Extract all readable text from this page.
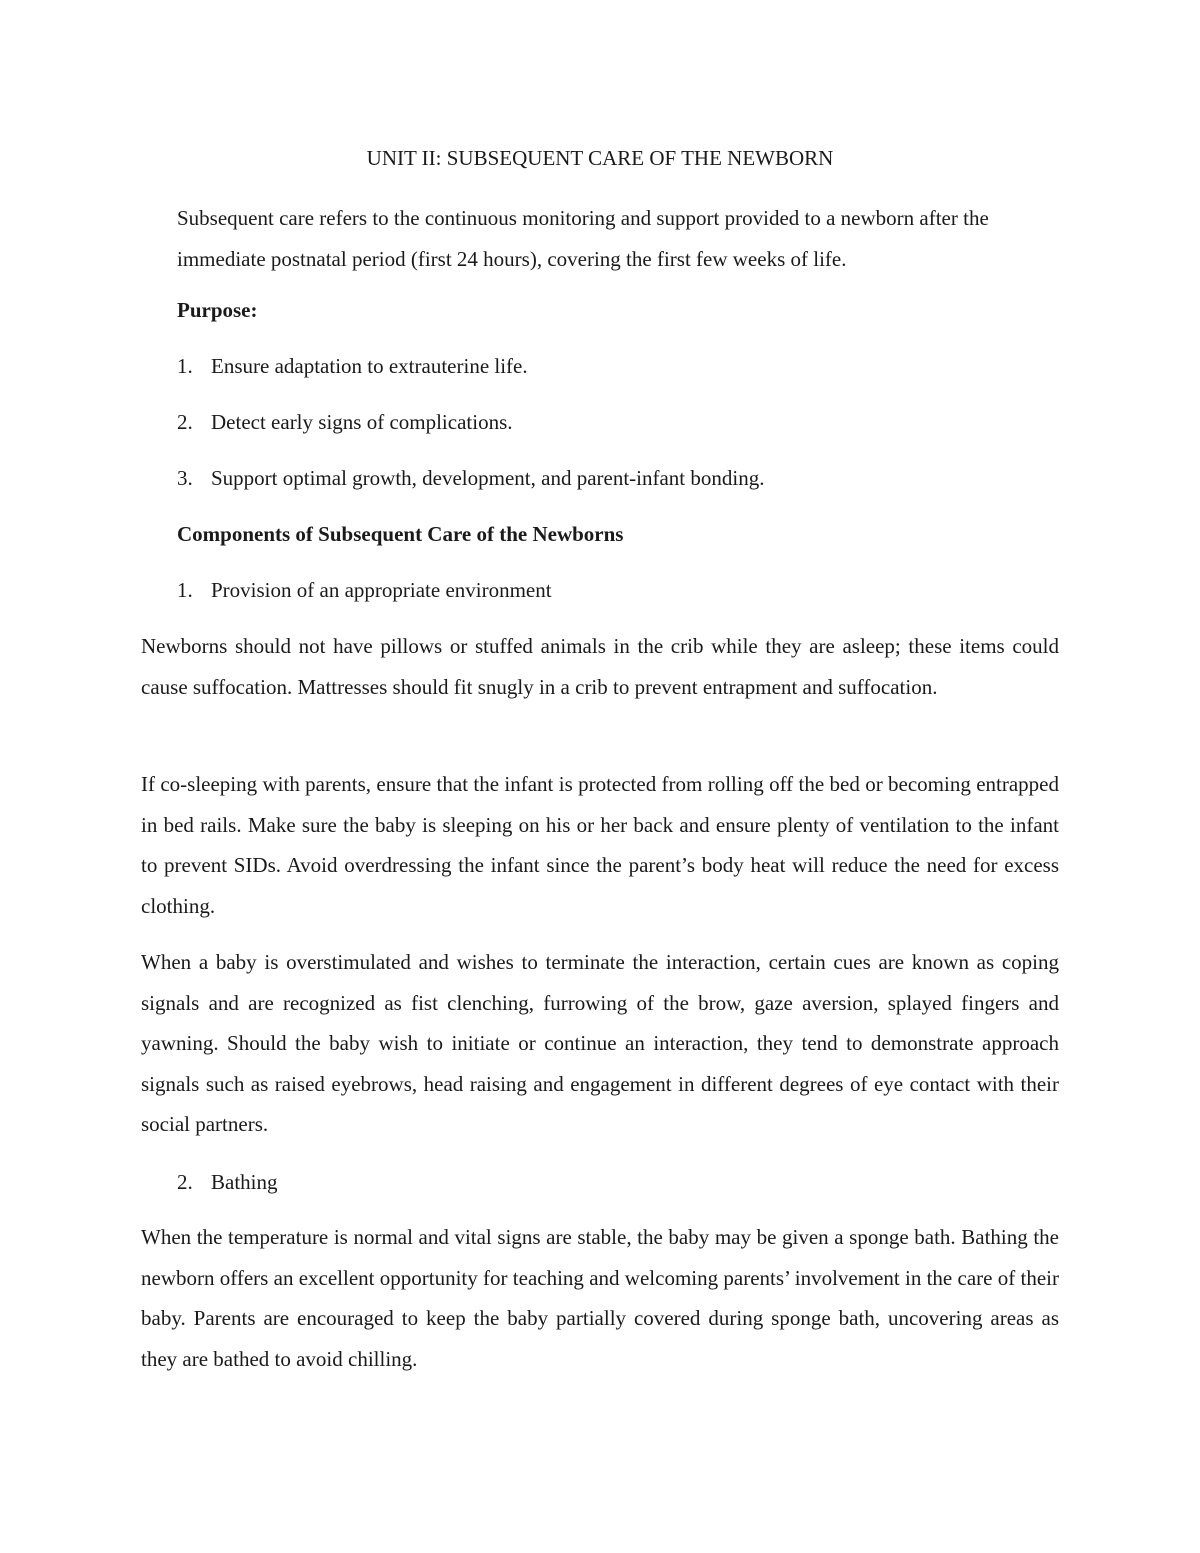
UNIT II: SUBSEQUENT CARE OF THE NEWBORN

Subsequent care refers to the continuous monitoring and support provided to a newborn after the immediate postnatal period (first 24 hours), covering the first few weeks of life.

Purpose:

1. Ensure adaptation to extrauterine life.

2. Detect early signs of complications.

3. Support optimal growth, development, and parent-infant bonding.

Components of Subsequent Care of the Newborns

1. Provision of an appropriate environment

Newborns should not have pillows or stuffed animals in the crib while they are asleep; these items could cause suffocation. Mattresses should fit snugly in a crib to prevent entrapment and suffocation.

If co-sleeping with parents, ensure that the infant is protected from rolling off the bed or becoming entrapped in bed rails. Make sure the baby is sleeping on his or her back and ensure plenty of ventilation to the infant to prevent SIDs. Avoid overdressing the infant since the parent’s body heat will reduce the need for excess clothing.

When a baby is overstimulated and wishes to terminate the interaction, certain cues are known as coping signals and are recognized as fist clenching, furrowing of the brow, gaze aversion, splayed fingers and yawning. Should the baby wish to initiate or continue an interaction, they tend to demonstrate approach signals such as raised eyebrows, head raising and engagement in different degrees of eye contact with their social partners.

2. Bathing

When the temperature is normal and vital signs are stable, the baby may be given a sponge bath. Bathing the newborn offers an excellent opportunity for teaching and welcoming parents’ involvement in the care of their baby. Parents are encouraged to keep the baby partially covered during sponge bath, uncovering areas as they are bathed to avoid chilling.
